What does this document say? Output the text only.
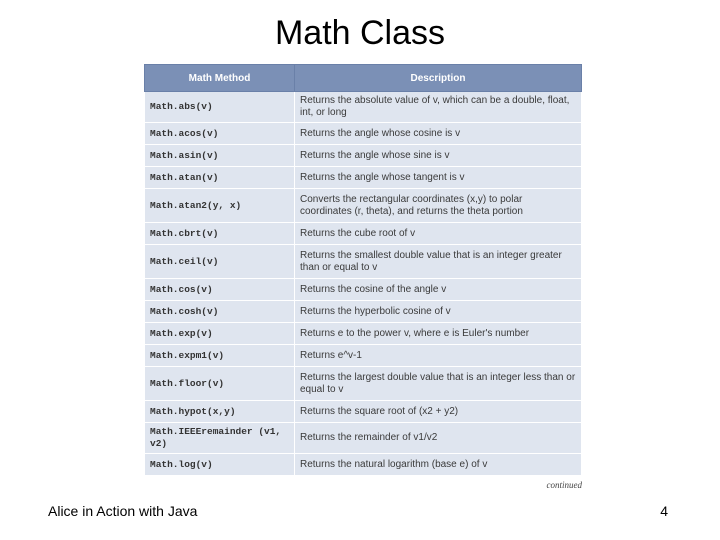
Math Class
Math Method	Description
Math.abs(v)	Returns the absolute value of v, which can be a double, float, int, or long
Math.acos(v)	Returns the angle whose cosine is v
Math.asin(v)	Returns the angle whose sine is v
Math.atan(v)	Returns the angle whose tangent is v
Math.atan2(y, x)	Converts the rectangular coordinates (x,y) to polar coordinates (r, theta), and returns the theta portion
Math.cbrt(v)	Returns the cube root of v
Math.ceil(v)	Returns the smallest double value that is an integer greater than or equal to v
Math.cos(v)	Returns the cosine of the angle v
Math.cosh(v)	Returns the hyperbolic cosine of v
Math.exp(v)	Returns e to the power v, where e is Euler's number
Math.expm1(v)	Returns e^v-1
Math.floor(v)	Returns the largest double value that is an integer less than or equal to v
Math.hypot(x,y)	Returns the square root of (x2 + y2)
Math.IEEEremainder (v1, v2)	Returns the remainder of v1/v2
Math.log(v)	Returns the natural logarithm (base e) of v
continued
Alice in Action with Java	4
